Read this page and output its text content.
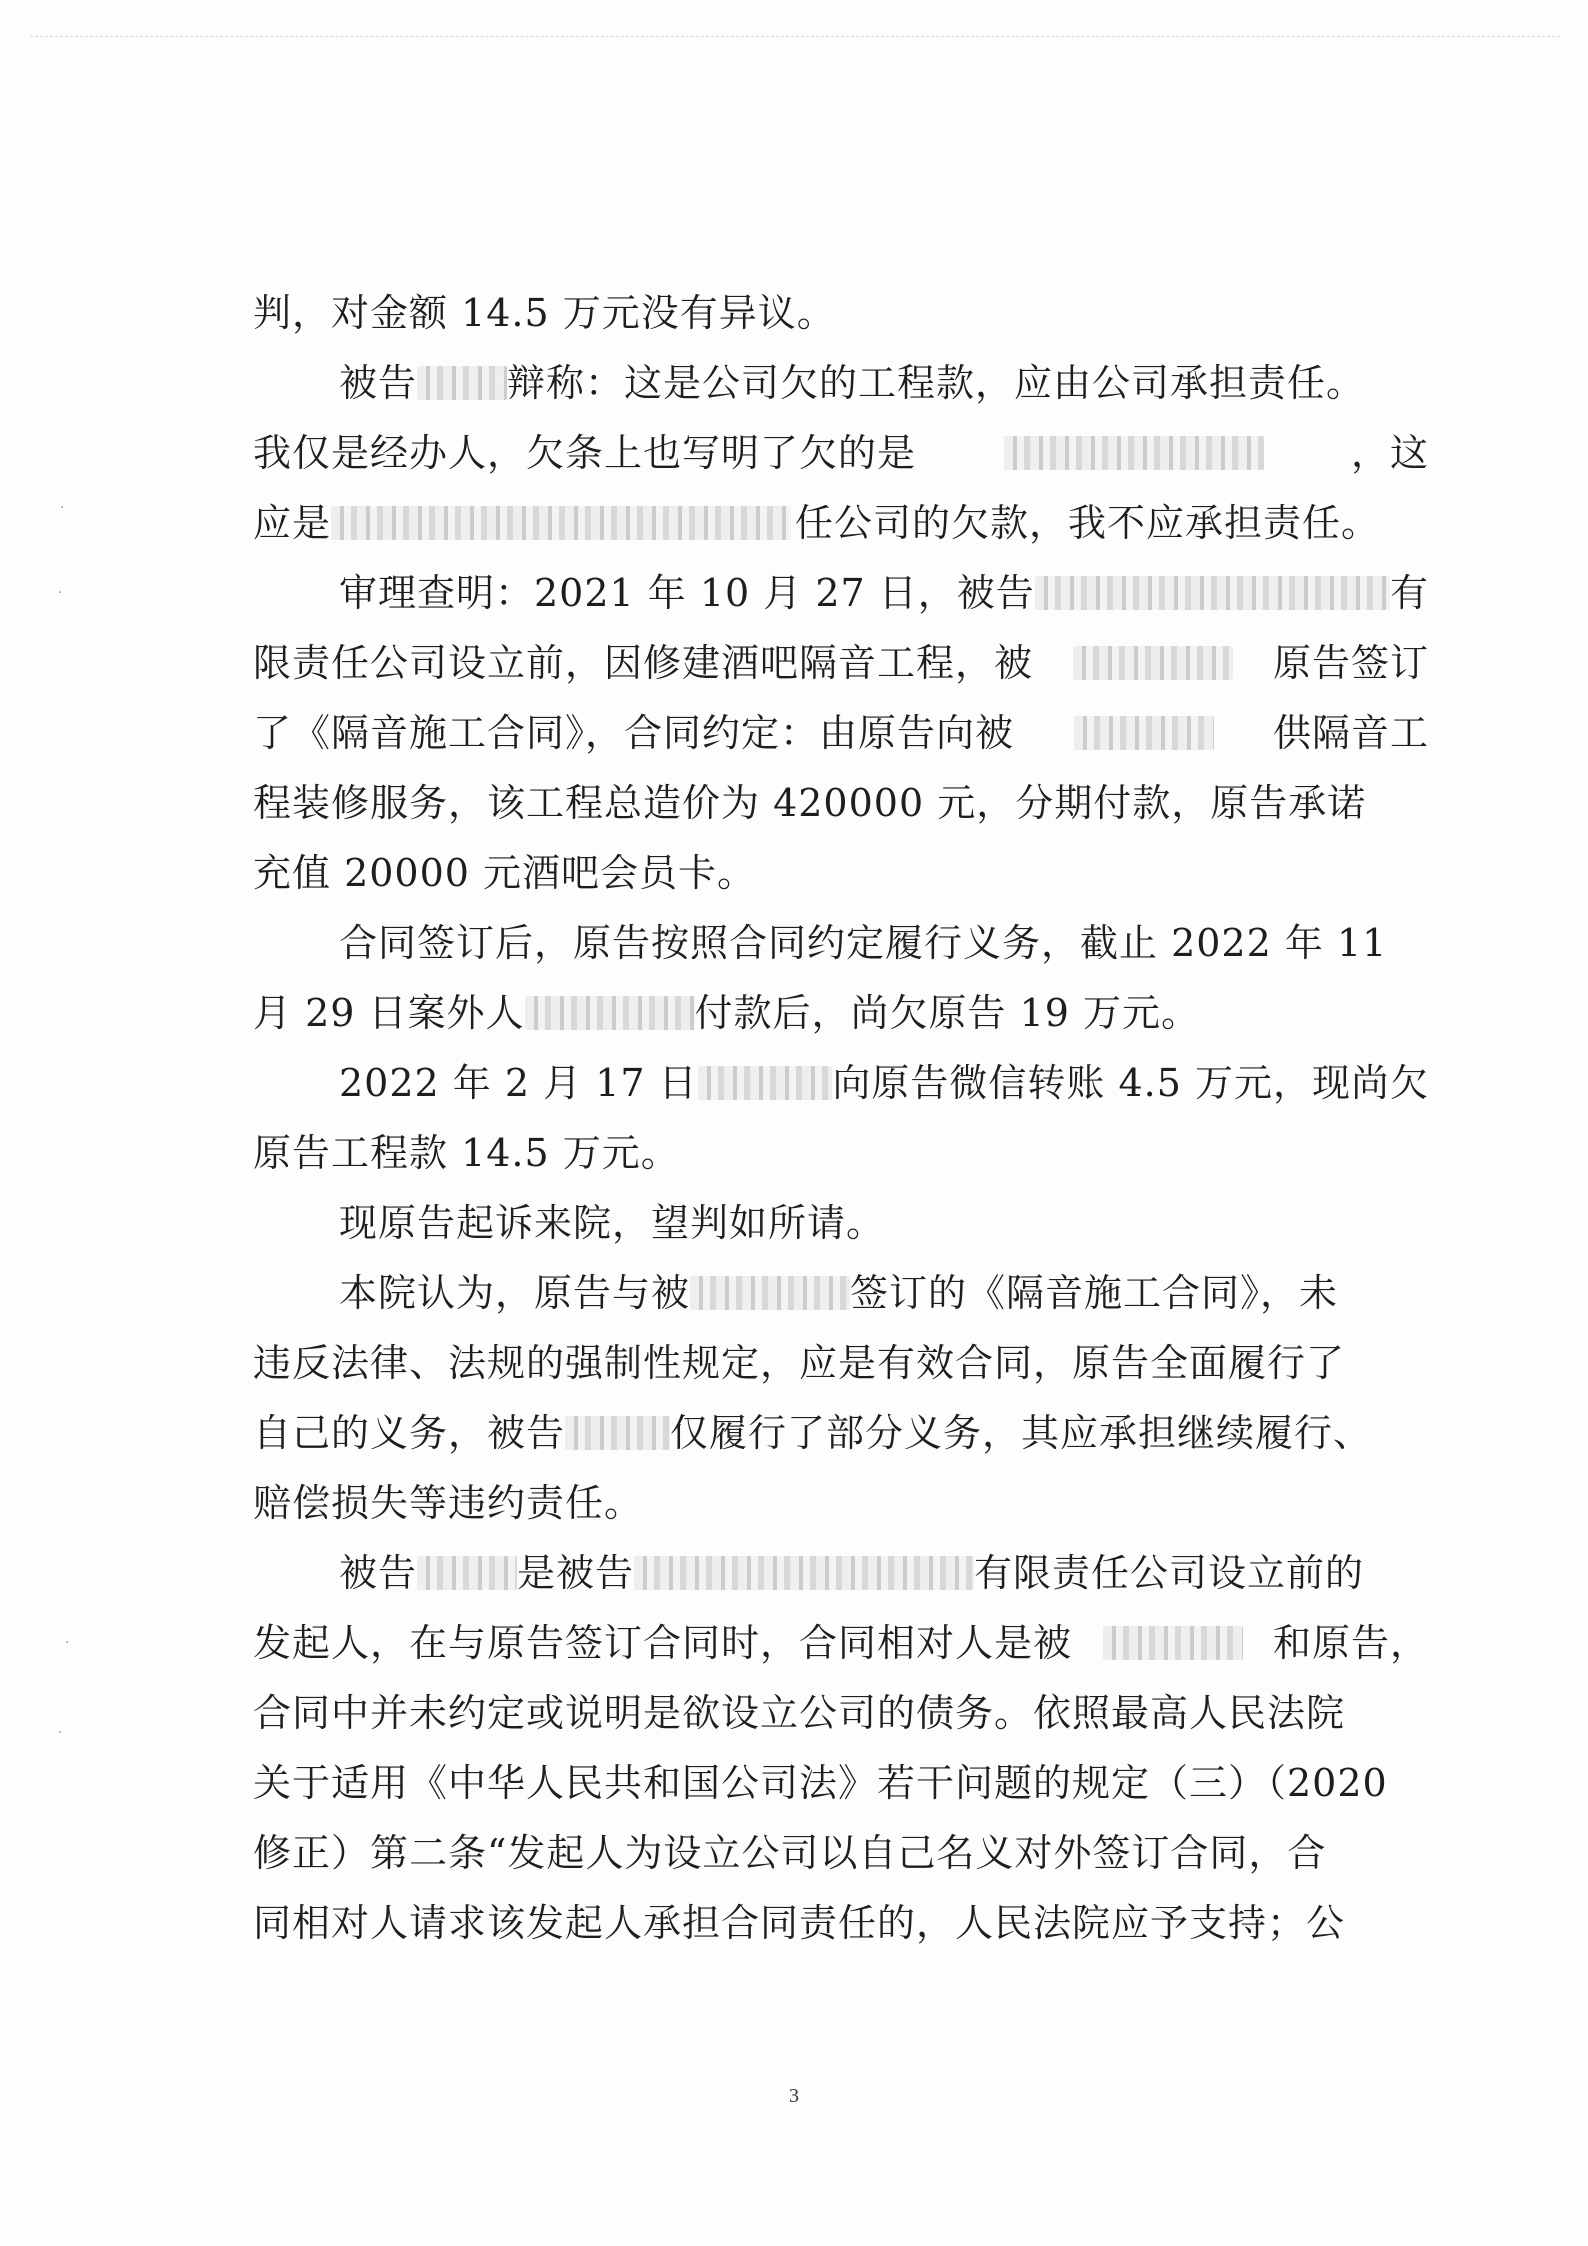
·
·
·
·
判，对金额 14.5 万元没有异议。
被告 辩称：这是公司欠的工程款，应由公司承担责任。
我仅是经办人，欠条上也写明了欠的是	，这
应是	任公司的欠款，我不应承担责任。
审理查明：2021 年 10 月 27 日，被告	有
限责任公司设立前，因修建酒吧隔音工程，被	原告签订
了《隔音施工合同》，合同约定：由原告向被	供隔音工
程装修服务，该工程总造价为 420000 元，分期付款，原告承诺
充值 20000 元酒吧会员卡。
合同签订后，原告按照合同约定履行义务，截止 2022 年 11
月 29 日案外人	付款后，尚欠原告 19 万元。
2022 年 2 月 17 日	向原告微信转账 4.5 万元，现尚欠
原告工程款 14.5 万元。
现原告起诉来院，望判如所请。
本院认为，原告与被	签订的《隔音施工合同》，未
违反法律、法规的强制性规定，应是有效合同，原告全面履行了
自己的义务，被告	仅履行了部分义务，其应承担继续履行、
赔偿损失等违约责任。
被告	是被告	有限责任公司设立前的
发起人，在与原告签订合同时，合同相对人是被	和原告，
合同中并未约定或说明是欲设立公司的债务。依照最高人民法院
关于适用《中华人民共和国公司法》若干问题的规定（三）（2020
修正）第二条“发起人为设立公司以自己名义对外签订合同，合
同相对人请求该发起人承担合同责任的，人民法院应予支持；公
3
